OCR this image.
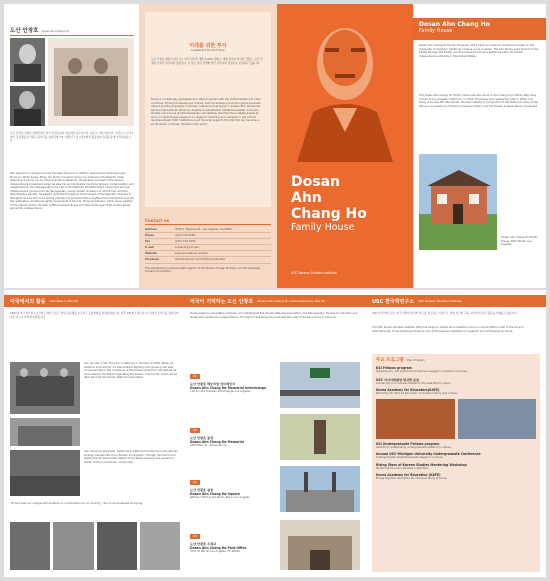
도산 안창호 Dosan Ahn Chang Ho

도산 안창호 선생은 일제강점기 한국 독립운동의 대표적인 지도자이자 교육가, 사상가입니다. 미국으로 건너가 한인 공동체를 조직하고 흥사단을 창립하였으며, 대한민국 임시정부에서 활동하며 독립운동에 헌신하였습니다.

Ahn was born in Kangso County Pyongan Province in 1878 in present-day South Pyongan Province, North Korea. When his family moved to Seoul, he embraced Christianity while attending a school run by Horace Grant Underwood. He became involved in the Korean independence movement when he was 19, and dedicated his life to Korea's modernization and independence. He subsequently took part in the Patriotic Enlightenment movement and led independence groups such as Heungsadan, Young Korean Academy or Sinminhoe, and the New People's Society. He helped unify the Provisional Government of the Republic of Korea in Shanghai and served as an acting premier. He promoted the enlightenment movement and led the restoration of national rights movements in the US, China and Russia, which were resisted in the imprisonment. He later suffered severe illness and died at the age of 60, before Korea gained its independence.

미래를 위한 투자
Investment for the Future

도산 안창호 패밀리 하우스는 미국 남가주 대학교(USC) 캠퍼스 내에 위치한 역사적 건물로, 도산 선생의 가족이 거주하던 곳입니다. 이 집은 한미 관계와 한인 이민사의 상징으로 보존되고 있습니다.

Korea is increasingly globalized and interconnected with the United States and other countries. Through business and culture, such as Samsung and LG's global business impact and the popularity of Korean culture such as K-pop or Korean film, Korea has gained international influence. Already an established intellectual leader in Korean studies and a locus of interdisciplinary scholarship, the USC KSI is ideally poised to carry on what Korean research on research, teaching and outreach in the critical decades ahead. With institutional and financial support, the USC KSI can become a world leader in Korean Studies in the world.

Contact us
Address	3535 S. Figueroa St., Los Angeles, CA 90007
Phone	(213) 740-6760
Fax	(213) 740-7970
E-mail	koreanst@usc.edu
Website	www.dornsife.usc.edu/ksi
Facebook	www.facebook.com/USCKoreanStudies

This pamphlet is produced with support of the Korean Foreign Ministry and the Overseas Koreans Foundation.

Dosan
Ahn
Chang Ho
Family House
USC Korean Studies Institute
Dosan Ahn Chang Ho
Family House

Dosan Ahn Chang Ho Family House(ca. 1911-1931) is a historic residence located on the University of Southern California campus in Los Angeles. The Ahn family lived here from the 1930s through the 1940s, and the house served as a gathering place for Korean independence activists in the United States.

The Dosan Ahn Chang Ho Family house was the home of Ahn Chang Ho's family after they moved to Los Angeles, California, in 1914. The house was restored by USC in 2004, and today it houses the USC Korean Studies Institute in recognition of the historical value of the site as a cornerstone of Korean American history and the Korean independence movement.

Dosan Ahn Chang Ho Family House, 36th Street, Los Angeles

미국에서의 활동 Activities in the US

1902년 미국 샌프란시스코에 도착한 도산은 한인 공동체를 조직하고 공립협회를 창립하였습니다. 이후 1913년 샌프란시스코에서 흥사단을 창립하여 민족 지도자 양성에 힘썼습니다.

Ahn arrived in San Francisco, California in October of 1902. When he visited a local school, he saw Koreans fighting over ginseng and was concerned about the conditions of the Korean American immigrants he encountered. He began organizing the Korean community, which would later become the Korean National Association.

Ahn moved to Riverside, California in 1904 and worked as a day laborer, picking oranges like many Korean immigrants. Through hard work and leadership he earned the respect of his fellow Koreans and became a leader of the local Korean community.

"To pick even an orange with sincerity is a contribution to our country," Ahn is remembered as saying.

미국이 기억하는 도산 안창호 Dosan Ahn Chang Ho remembered by the US

During Japan's colonization of Korea, Ahn established the Korean National Association and Heungsadan. He was an educator and leader who worked for independence. Through his teachings he promoted the unity of Koreans living in America.

01
도산 안창호 메모리얼 인터체인지
Dosan Ahn Chang Ho Memorial Interchange
I-10 & I-110 Freeway Interchange, Los Angeles
02
도산 안창호 동상
Dosan Ahn Chang Ho Memorial
3650 Main St., Riverside, CA
03
도산 안창호 광장
Dosan Ahn Chang Ho Square
Jefferson Blvd & Van Buren Place, Los Angeles
04
도산 안창호 우체국
Dosan Ahn Chang Ho Post Office
3751 W 6th St, Los Angeles, CA 90020
USC 한국학연구소 USC Korean Studies Institute

USC 한국학연구소는 미국 대학의 한국학 연구를 선도하는 기관으로, 학술 연구와 교육, 지역사회 봉사 활동을 수행하고 있습니다.

The USC Korean Studies Institute (KSI) has forged a visible and impactful voice on current affairs, both in the US and internationally. It has positioned itself as one of the premier institutes for research and scholarship on Korea.

주요 프로그램 Main Program
KSI Fellows program
Supports pre- and post-doctoral fellows engaged in research on Korea.
USC 아시아태평양 한국학 포럼
Annual forum on Korean studies in the Asia-Pacific region.
Korea Academy for Educators(KAFE)
Workshop for US K-12 educators on Korean history and culture.
KSI Undergraduate Fellows program
Awards for outstanding undergraduate research on Korea.
Annual USC-Michigan University Undergraduate Conference
Undergraduate students present research on Korea.
Rising Stars of Korean Studies Mentoring Workshop
Mentoring for junior scholars in the field.
Korea Academy for Education (KAFE)
Brings together educators for intensive study of Korea.
